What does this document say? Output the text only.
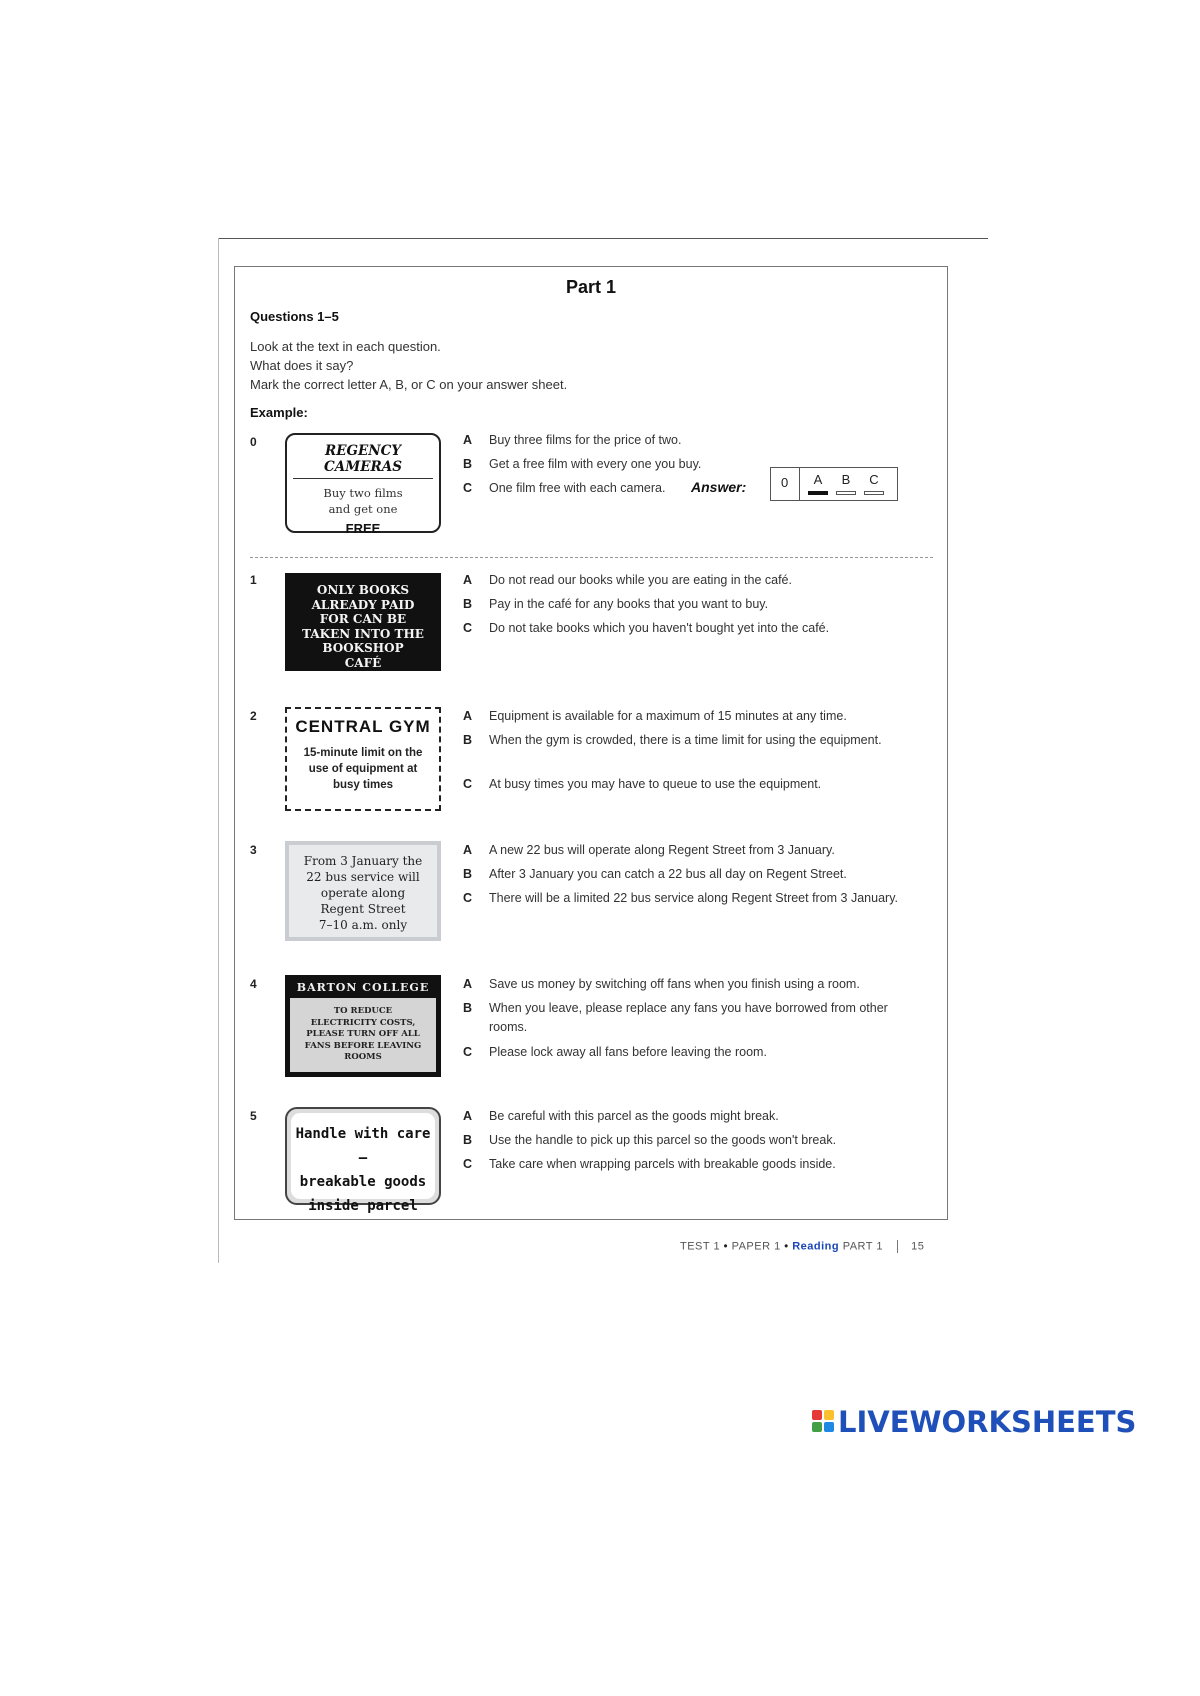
Part 1
Questions 1–5
Look at the text in each question.
What does it say?
Mark the correct letter A, B, or C on your answer sheet.
Example:
0
REGENCY CAMERAS
Buy two films
and get one
FREE
A Buy three films for the price of two.
B Get a free film with every one you buy.
C One film free with each camera.	Answer:	0	A	B	C
1
ONLY BOOKS
ALREADY PAID
FOR CAN BE
TAKEN INTO THE
BOOKSHOP
CAFÉ
A Do not read our books while you are eating in the café.
B Pay in the café for any books that you want to buy.
C Do not take books which you haven't bought yet into the café.
2
CENTRAL GYM
15-minute limit on the
use of equipment at
busy times
A Equipment is available for a maximum of 15 minutes at any time.
B When the gym is crowded, there is a time limit for using the equipment.
C At busy times you may have to queue to use the equipment.
3
From 3 January the
22 bus service will
operate along
Regent Street
7–10 a.m. only
A A new 22 bus will operate along Regent Street from 3 January.
B After 3 January you can catch a 22 bus all day on Regent Street.
C There will be a limited 22 bus service along Regent Street from 3 January.
4	BARTON COLLEGE
TO REDUCE
ELECTRICITY COSTS,
PLEASE TURN OFF ALL
FANS BEFORE LEAVING
ROOMS
A Save us money by switching off fans when you finish using a room.
B When you leave, please replace any fans you have borrowed from other rooms.
C Please lock away all fans before leaving the room.
5
Handle with care –
breakable goods
inside parcel
A Be careful with this parcel as the goods might break.
B Use the handle to pick up this parcel so the goods won't break.
C Take care when wrapping parcels with breakable goods inside.
TEST 1 • PAPER 1 • Reading PART 1	15
LIVEWORKSHEETS
